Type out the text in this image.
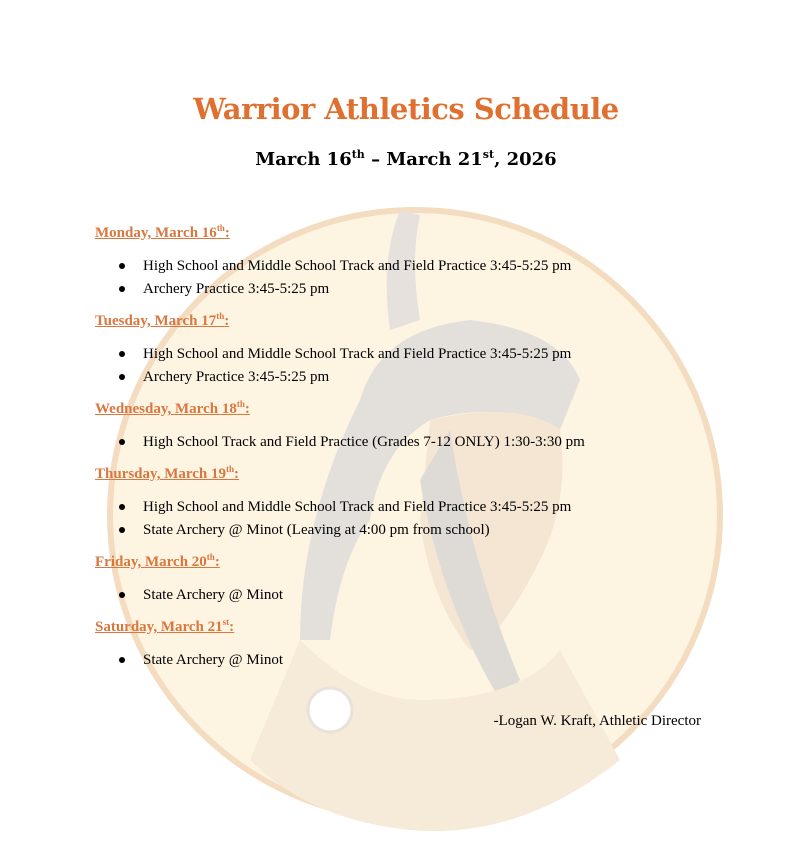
Warrior Athletics Schedule
March 16th – March 21st, 2026
Monday, March 16th:
High School and Middle School Track and Field Practice 3:45-5:25 pm
Archery Practice 3:45-5:25 pm
Tuesday, March 17th:
High School and Middle School Track and Field Practice 3:45-5:25 pm
Archery Practice 3:45-5:25 pm
Wednesday, March 18th:
High School Track and Field Practice (Grades 7-12 ONLY) 1:30-3:30 pm
Thursday, March 19th:
High School and Middle School Track and Field Practice 3:45-5:25 pm
State Archery @ Minot (Leaving at 4:00 pm from school)
Friday, March 20th:
State Archery @ Minot
Saturday, March 21st:
State Archery @ Minot
-Logan W. Kraft, Athletic Director
